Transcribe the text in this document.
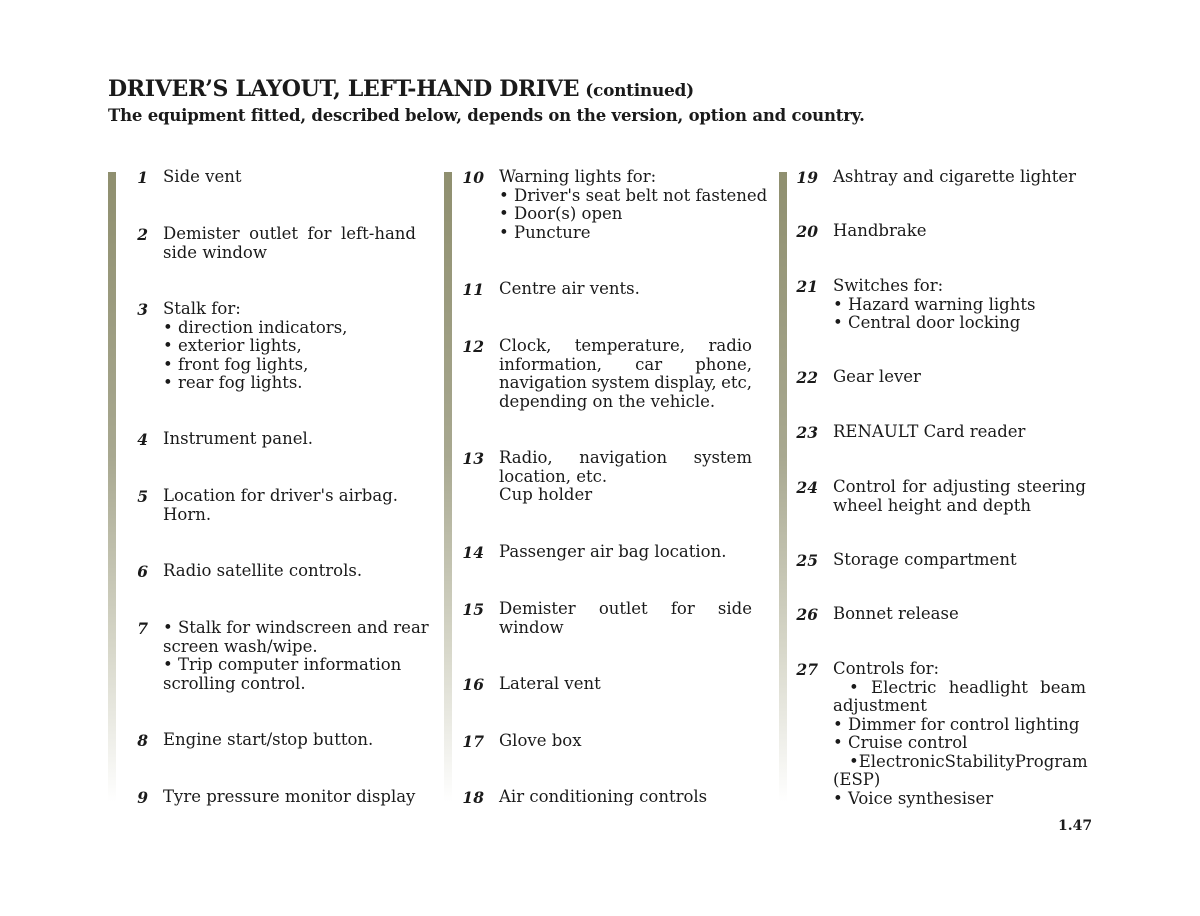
DRIVER’S LAYOUT, LEFT-HAND DRIVE (continued)
The equipment fitted, described below, depends on the version, option and country.
1 Side vent
2 Demister outlet for left-hand
side window
3 Stalk for:
• direction indicators,
• exterior lights,
• front fog lights,
• rear fog lights.
4 Instrument panel.
5 Location for driver's airbag.
Horn.
6 Radio satellite controls.
7 • Stalk for windscreen and rear
screen wash/wipe.
• Trip computer information
scrolling control.
8 Engine start/stop button.
9 Tyre pressure monitor display
10 Warning lights for:
• Driver's seat belt not fastened
• Door(s) open
• Puncture
11 Centre air vents.
12 Clock, temperature, radio
information, car phone,
navigation system display, etc,
depending on the vehicle.
13 Radio, navigation system
location, etc.
Cup holder
14 Passenger air bag location.
15 Demister outlet for side
window
16 Lateral vent
17 Glove box
18 Air conditioning controls
19 Ashtray and cigarette lighter
20 Handbrake
21 Switches for:
• Hazard warning lights
• Central door locking
22 Gear lever
23 RENAULT Card reader
24 Control for adjusting steering
wheel height and depth
25 Storage compartment
26 Bonnet release
27 Controls for:
• Electric headlight beam
adjustment
• Dimmer for control lighting
• Cruise control
• Electronic Stability Program
(ESP)
• Voice synthesiser
1.47
